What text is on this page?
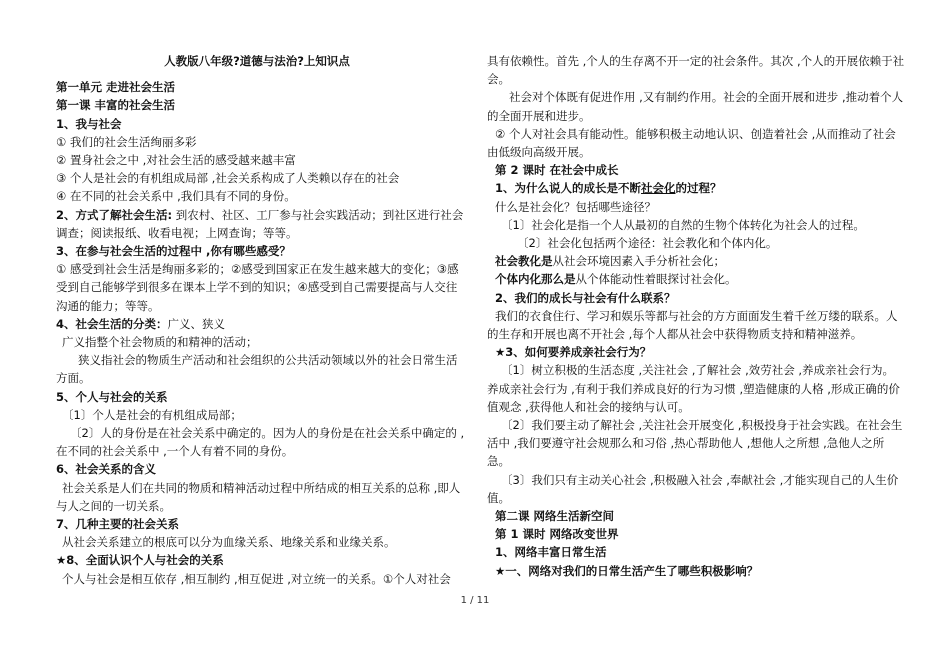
人教版八年级?道德与法治?上知识点

第一单元 走进社会生活

第一课 丰富的社会生活

1、我与社会

① 我们的社会生活绚丽多彩

② 置身社会之中 ,对社会生活的感受越来越丰富

③ 个人是社会的有机组成局部 ,社会关系构成了人类赖以存在的社会

④ 在不同的社会关系中 ,我们具有不同的身份。

2、方式了解社会生活: 到农村、社区、工厂参与社会实践活动；到社区进行社会调查；阅读报纸、收看电视；上网查询；等等。

3、在参与社会生活的过程中 ,你有哪些感受？

① 感受到社会生活是绚丽多彩的；②感受到国家正在发生越来越大的变化；③感受到自己能够学到很多在课本上学不到的知识；④感受到自己需要提高与人交往沟通的能力；等等。

4、社会生活的分类：广义、狭义

广义指整个社会物质的和精神的活动；

狭义指社会的物质生产活动和社会组织的公共活动领域以外的社会日常生活方面。

5、个人与社会的关系

〔1〕个人是社会的有机组成局部；

〔2〕人的身份是在社会关系中确定的。因为人的身份是在社会关系中确定的 ,在不同的社会关系中 ,一个人有着不同的身份。

6、社会关系的含义

社会关系是人们在共同的物质和精神活动过程中所结成的相互关系的总称 ,即人与人之间的一切关系。

7、几种主要的社会关系

从社会关系建立的根底可以分为血缘关系、地缘关系和业缘关系。

★8、全面认识个人与社会的关系

个人与社会是相互依存 ,相互制约 ,相互促进 ,对立统一的关系。①个人对社会

具有依赖性。首先 ,个人的生存离不开一定的社会条件。其次 ,个人的开展依赖于社会。

社会对个体既有促进作用 ,又有制约作用。社会的全面开展和进步 ,推动着个人的全面开展和进步。

② 个人对社会具有能动性。能够积极主动地认识、创造着社会 ,从而推动了社会由低级向高级开展。

第 2 课时 在社会中成长

1、为什么说人的成长是不断社会化的过程？

什么是社会化？包括哪些途径？

〔1〕社会化是指一个人从最初的自然的生物个体转化为社会人的过程。

〔2〕社会化包括两个途径：社会教化和个体内化。

社会教化是从社会环境因素入手分析社会化；

个体内化那么是从个体能动性着眼探讨社会化。

2、我们的成长与社会有什么联系？

我们的衣食住行、学习和娱乐等都与社会的方方面面发生着千丝万缕的联系。人的生存和开展也离不开社会 ,每个人都从社会中获得物质支持和精神滋养。

★3、如何要养成亲社会行为？

〔1〕树立积极的生活态度 ,关注社会 ,了解社会 ,效劳社会 ,养成亲社会行为。养成亲社会行为 ,有利于我们养成良好的行为习惯 ,塑造健康的人格 ,形成正确的价值观念 ,获得他人和社会的接纳与认可。

〔2〕我们要主动了解社会 ,关注社会开展变化 ,积极投身于社会实践。在社会生活中 ,我们要遵守社会规那么和习俗 ,热心帮助他人 ,想他人之所想 ,急他人之所急。

〔3〕我们只有主动关心社会 ,积极融入社会 ,奉献社会 ,才能实现自己的人生价值。

第二课 网络生活新空间

第 1 课时 网络改变世界

1、网络丰富日常生活

★一、网络对我们的日常生活产生了哪些积极影响？

1 / 11
